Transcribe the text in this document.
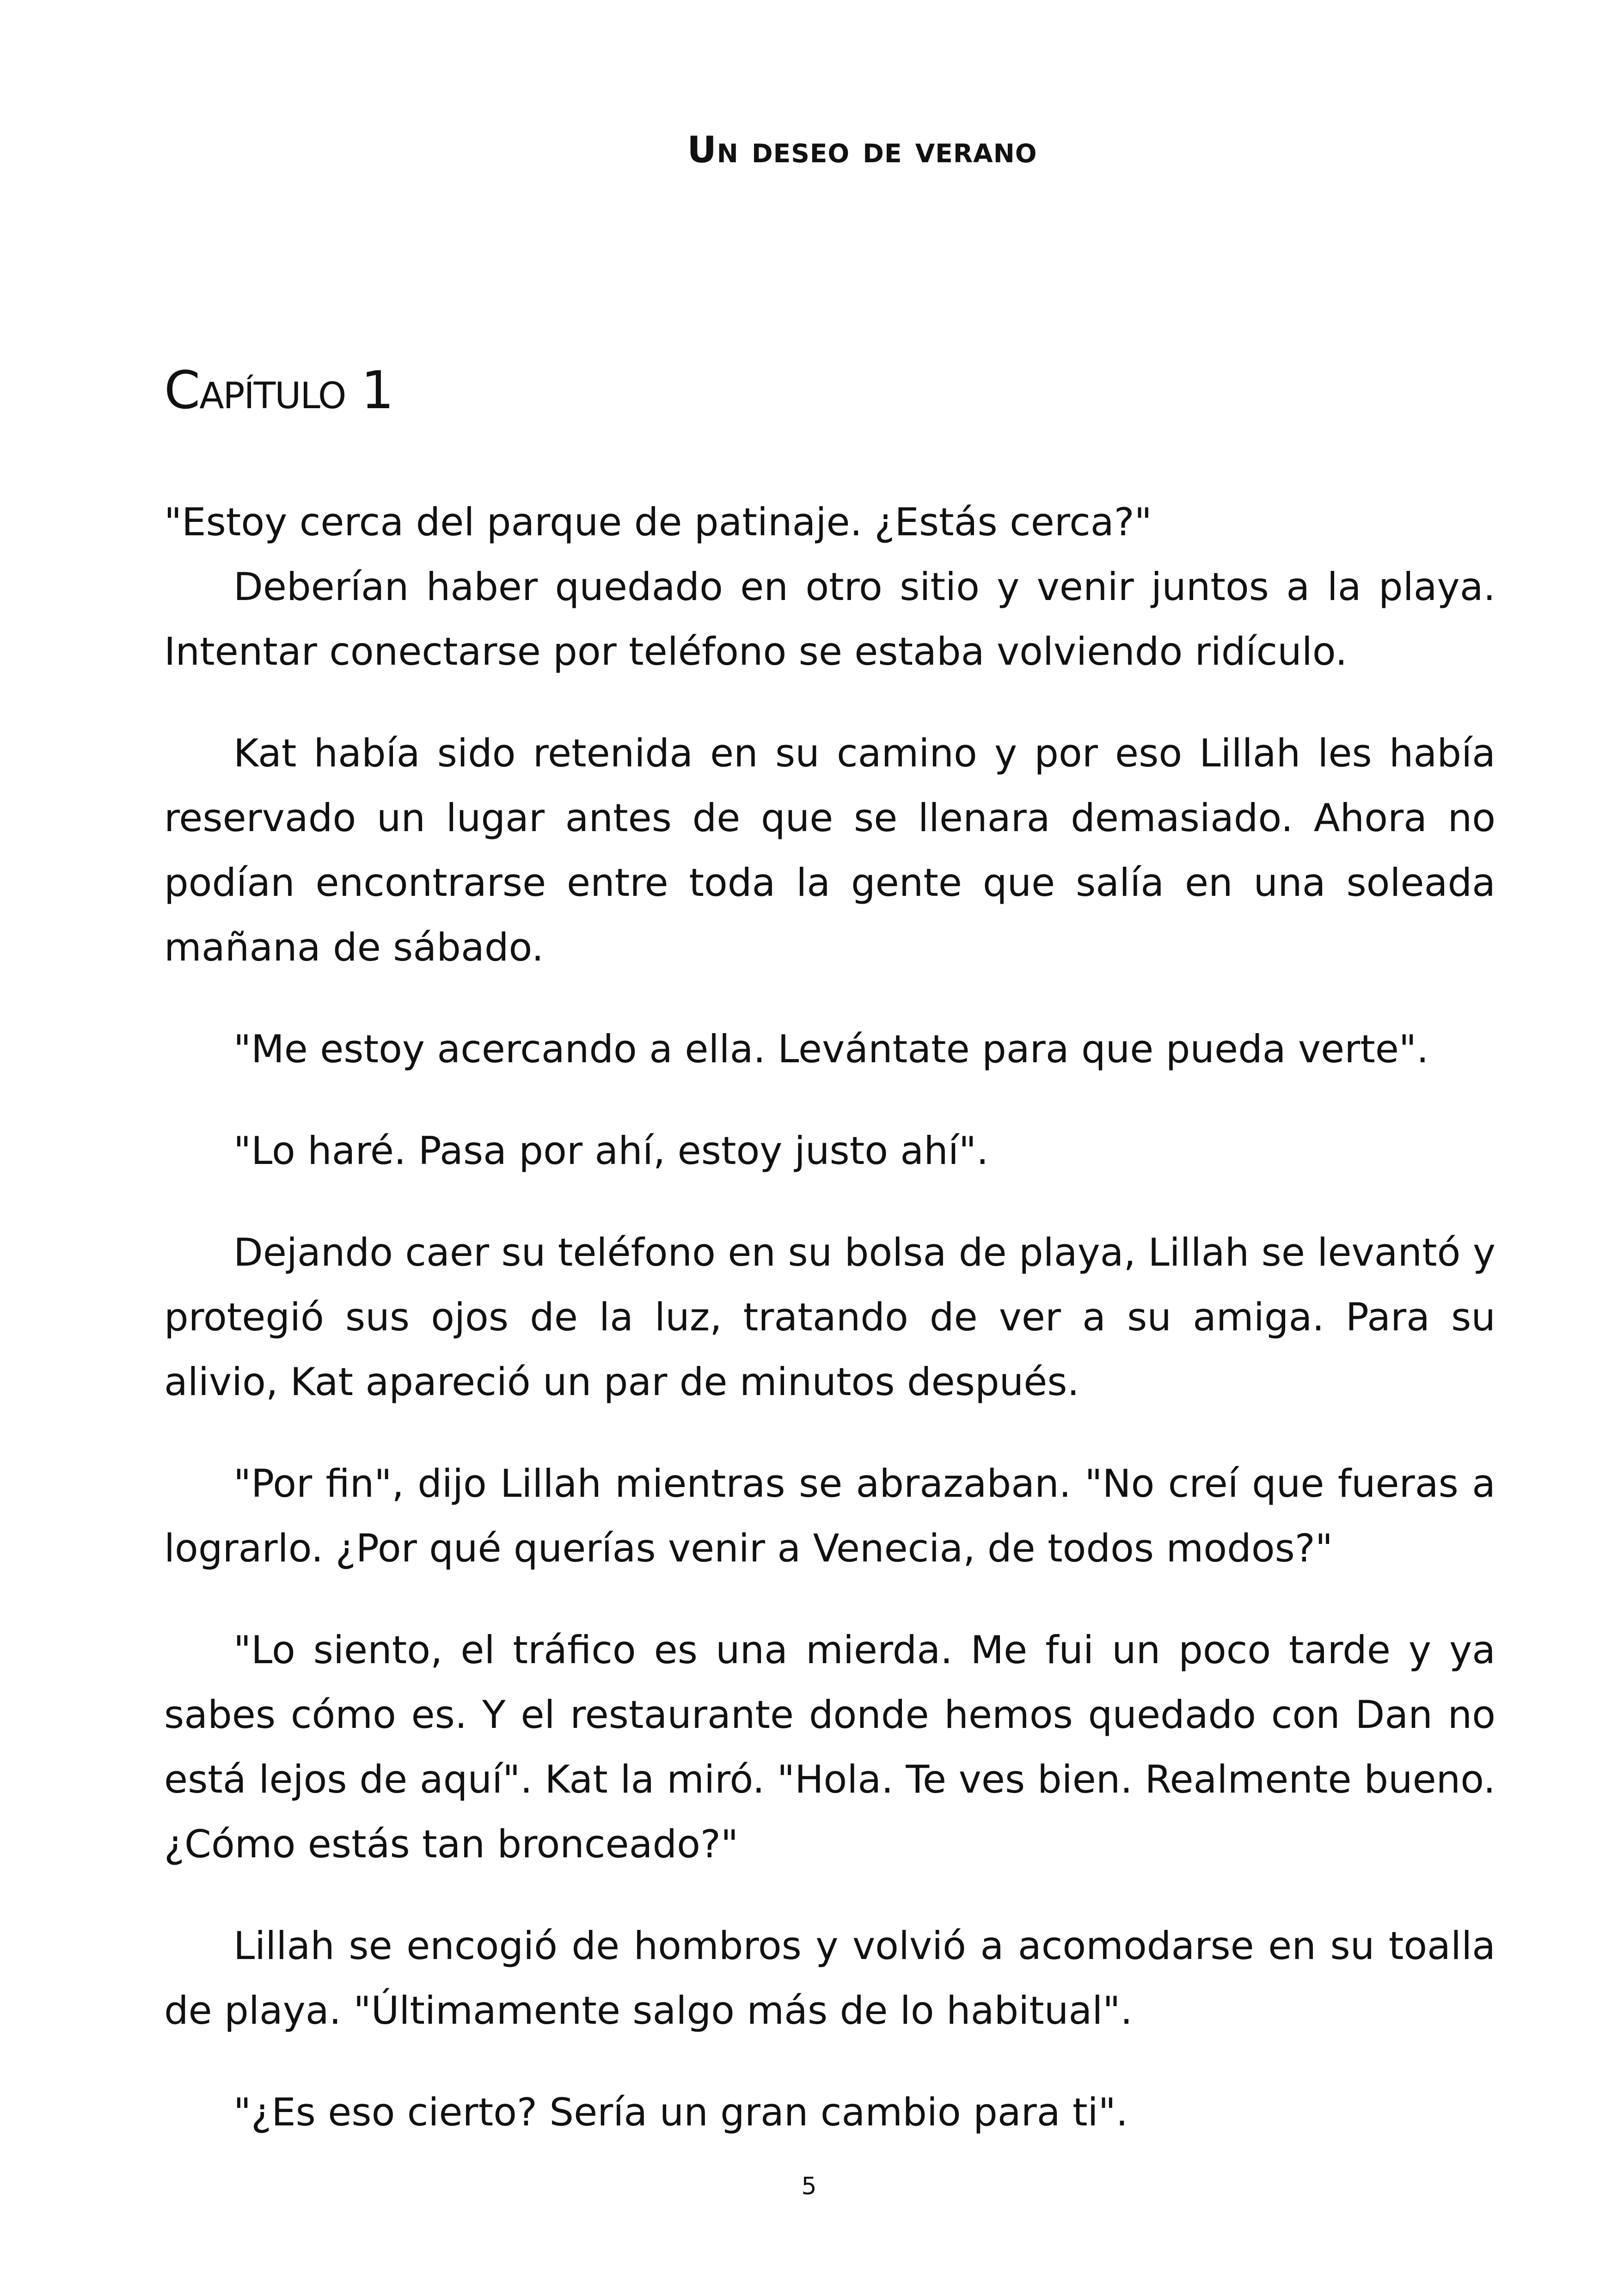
Un deseo de verano
Capítulo 1

"Estoy cerca del parque de patinaje. ¿Estás cerca?"

Deberían haber quedado en otro sitio y venir juntos a la playa. Intentar conectarse por teléfono se estaba volviendo ridículo.

Kat había sido retenida en su camino y por eso Lillah les había reservado un lugar antes de que se llenara demasiado. Ahora no podían encontrarse entre toda la gente que salía en una soleada mañana de sábado.

"Me estoy acercando a ella. Levántate para que pueda verte".

"Lo haré. Pasa por ahí, estoy justo ahí".

Dejando caer su teléfono en su bolsa de playa, Lillah se levantó y protegió sus ojos de la luz, tratando de ver a su amiga. Para su alivio, Kat apareció un par de minutos después.

"Por fin", dijo Lillah mientras se abrazaban. "No creí que fueras a lograrlo. ¿Por qué querías venir a Venecia, de todos modos?"

"Lo siento, el tráfico es una mierda. Me fui un poco tarde y ya sabes cómo es. Y el restaurante donde hemos quedado con Dan no está lejos de aquí". Kat la miró. "Hola. Te ves bien. Realmente bueno. ¿Cómo estás tan bronceado?"

Lillah se encogió de hombros y volvió a acomodarse en su toalla de playa. "Últimamente salgo más de lo habitual".

"¿Es eso cierto? Sería un gran cambio para ti".

5
